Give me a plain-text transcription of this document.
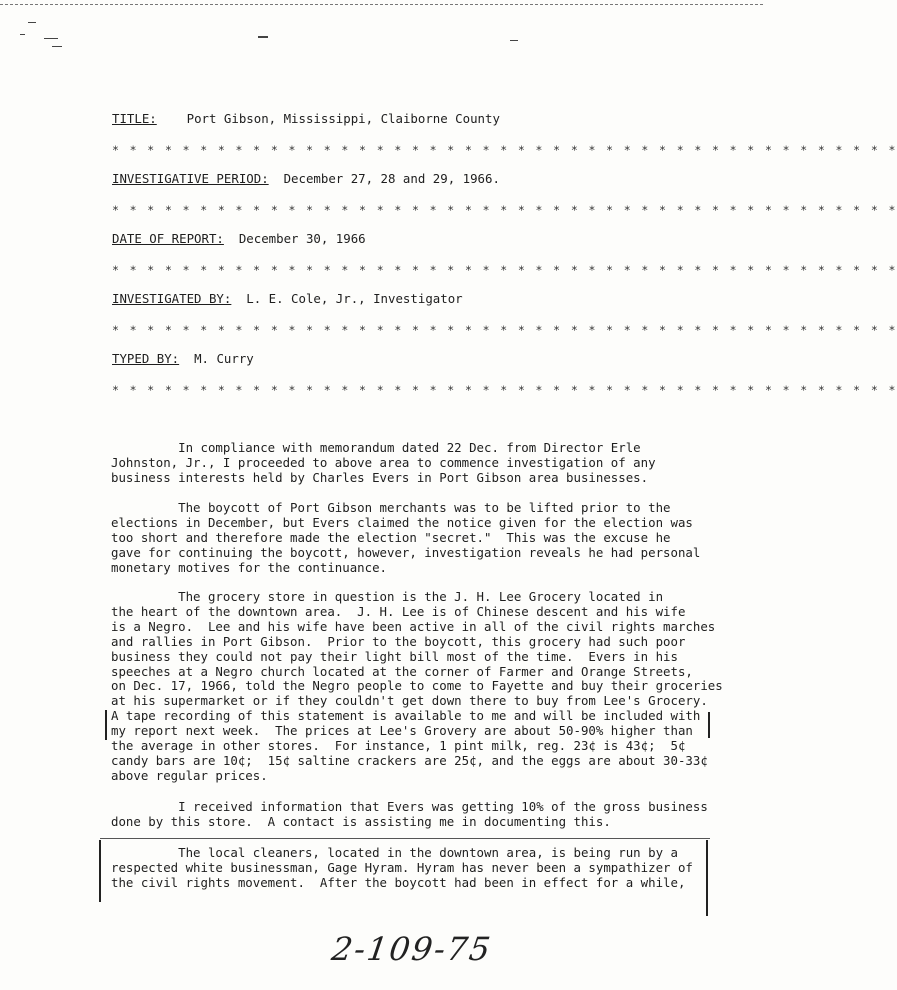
TITLE: Port Gibson, Mississippi, Claiborne County
* * * * * * * * * * * * * * * * * * * * * * * * * * * * * * * * * * * * * * * * * * * * *
INVESTIGATIVE PERIOD: December 27, 28 and 29, 1966.
* * * * * * * * * * * * * * * * * * * * * * * * * * * * * * * * * * * * * * * * * * * * *
DATE OF REPORT: December 30, 1966
* * * * * * * * * * * * * * * * * * * * * * * * * * * * * * * * * * * * * * * * * * * * *
INVESTIGATED BY: L. E. Cole, Jr., Investigator
* * * * * * * * * * * * * * * * * * * * * * * * * * * * * * * * * * * * * * * * * * * * *
TYPED BY: M. Curry
* * * * * * * * * * * * * * * * * * * * * * * * * * * * * * * * * * * * * * * * * * * * *

In compliance with memorandum dated 22 Dec. from Director Erle

Johnston, Jr., I proceeded to above area to commence investigation of any

business interests held by Charles Evers in Port Gibson area businesses.

The boycott of Port Gibson merchants was to be lifted prior to the

elections in December, but Evers claimed the notice given for the election was

too short and therefore made the election "secret."  This was the excuse he

gave for continuing the boycott, however, investigation reveals he had personal

monetary motives for the continuance.

The grocery store in question is the J. H. Lee Grocery located in

the heart of the downtown area.  J. H. Lee is of Chinese descent and his wife

is a Negro.  Lee and his wife have been active in all of the civil rights marches

and rallies in Port Gibson.  Prior to the boycott, this grocery had such poor

business they could not pay their light bill most of the time.  Evers in his

speeches at a Negro church located at the corner of Farmer and Orange Streets,

on Dec. 17, 1966, told the Negro people to come to Fayette and buy their groceries

at his supermarket or if they couldn't get down there to buy from Lee's Grocery.

A tape recording of this statement is available to me and will be included with

my report next week.  The prices at Lee's Grovery are about 50-90% higher than

the average in other stores.  For instance, 1 pint milk, reg. 23¢ is 43¢;  5¢

candy bars are 10¢;  15¢ saltine crackers are 25¢, and the eggs are about 30-33¢

above regular prices.

I received information that Evers was getting 10% of the gross business

done by this store.  A contact is assisting me in documenting this.

The local cleaners, located in the downtown area, is being run by a

respected white businessman, Gage Hyram. Hyram has never been a sympathizer of

the civil rights movement.  After the boycott had been in effect for a while,

2-109-75
